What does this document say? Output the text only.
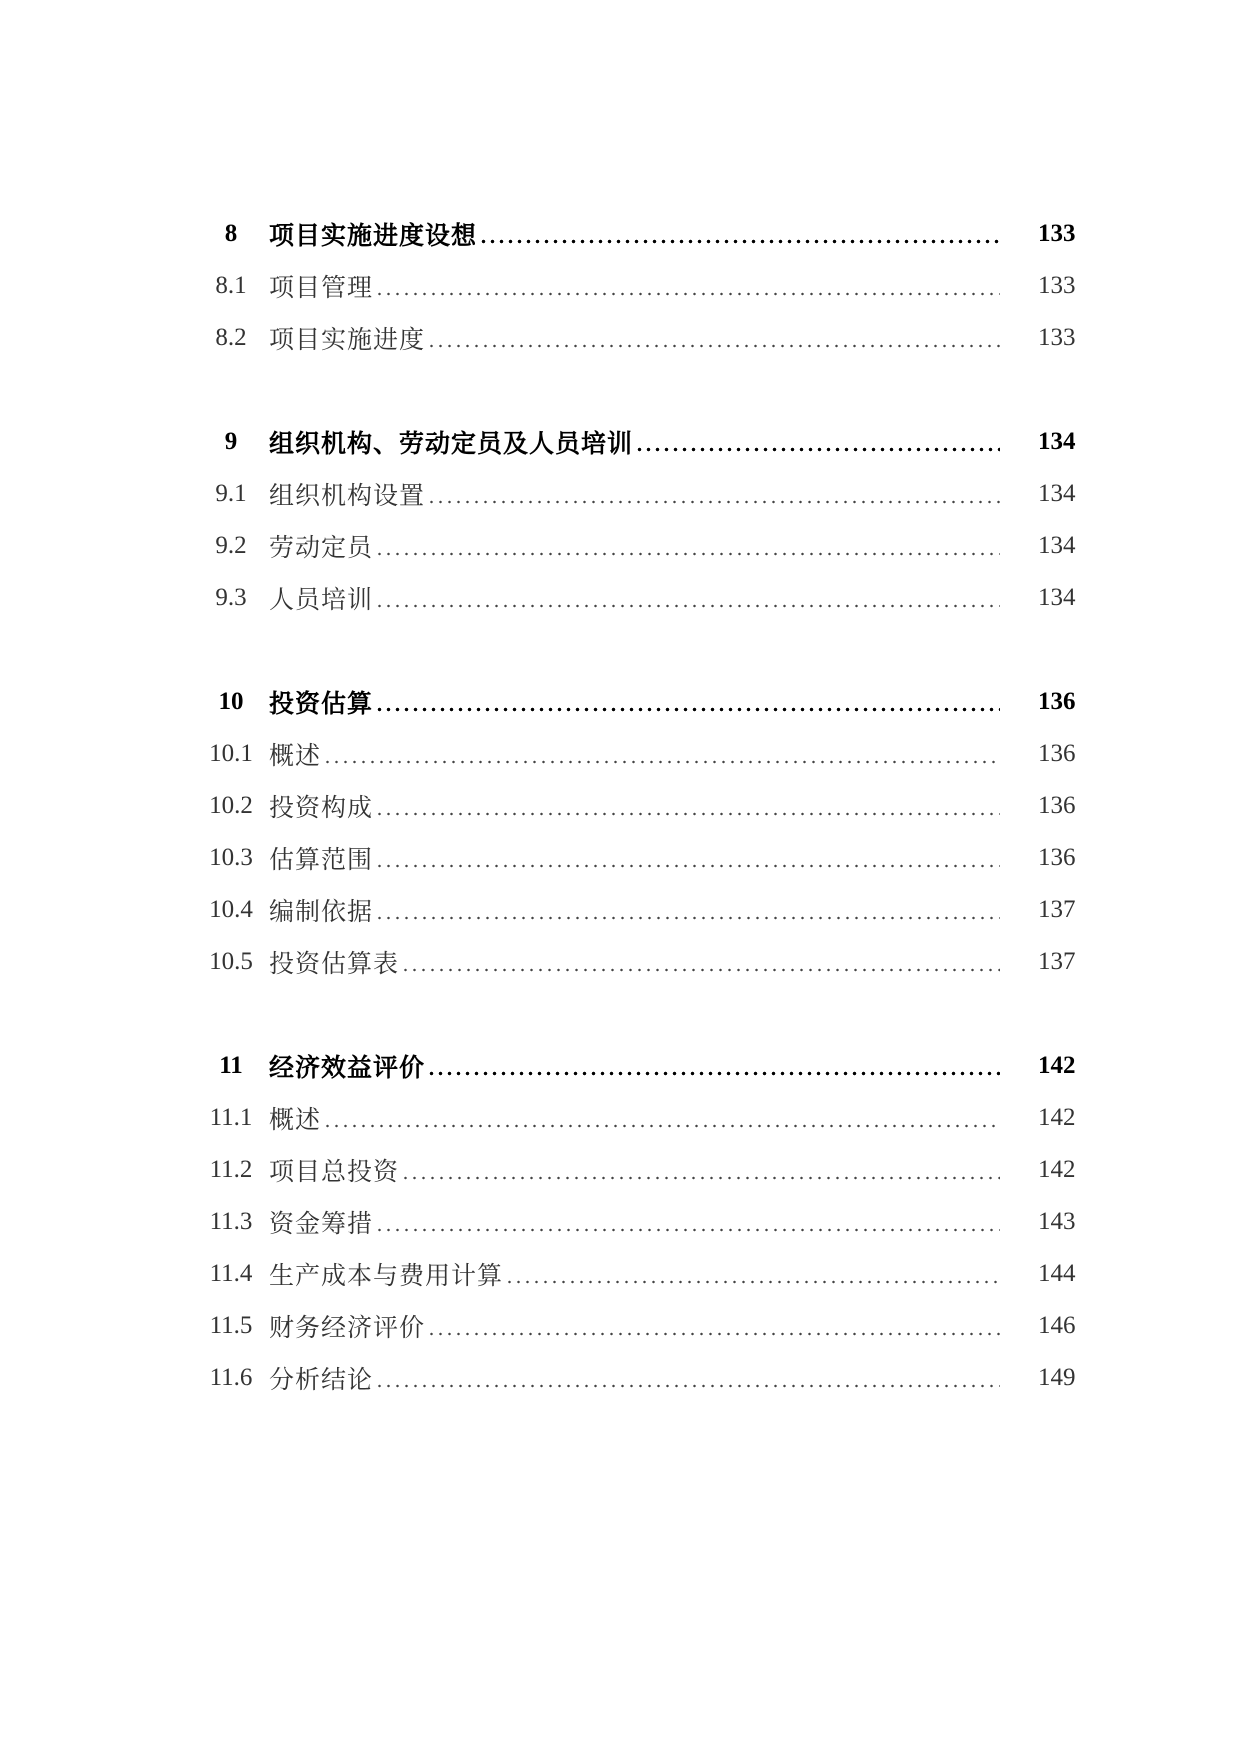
8	项目实施进度设想	133
8.1 项目管理	133
8.2 项目实施进度	133
9	组织机构、劳动定员及人员培训	134
9.1 组织机构设置	134
9.2 劳动定员	134
9.3 人员培训	134
10	投资估算	136
10.1 概述	136
10.2 投资构成	136
10.3 估算范围	136
10.4 编制依据	137
10.5 投资估算表	137
11	经济效益评价	142
11.1 概述	142
11.2 项目总投资	142
11.3 资金筹措	143
11.4 生产成本与费用计算	144
11.5 财务经济评价	146
11.6 分析结论	149
